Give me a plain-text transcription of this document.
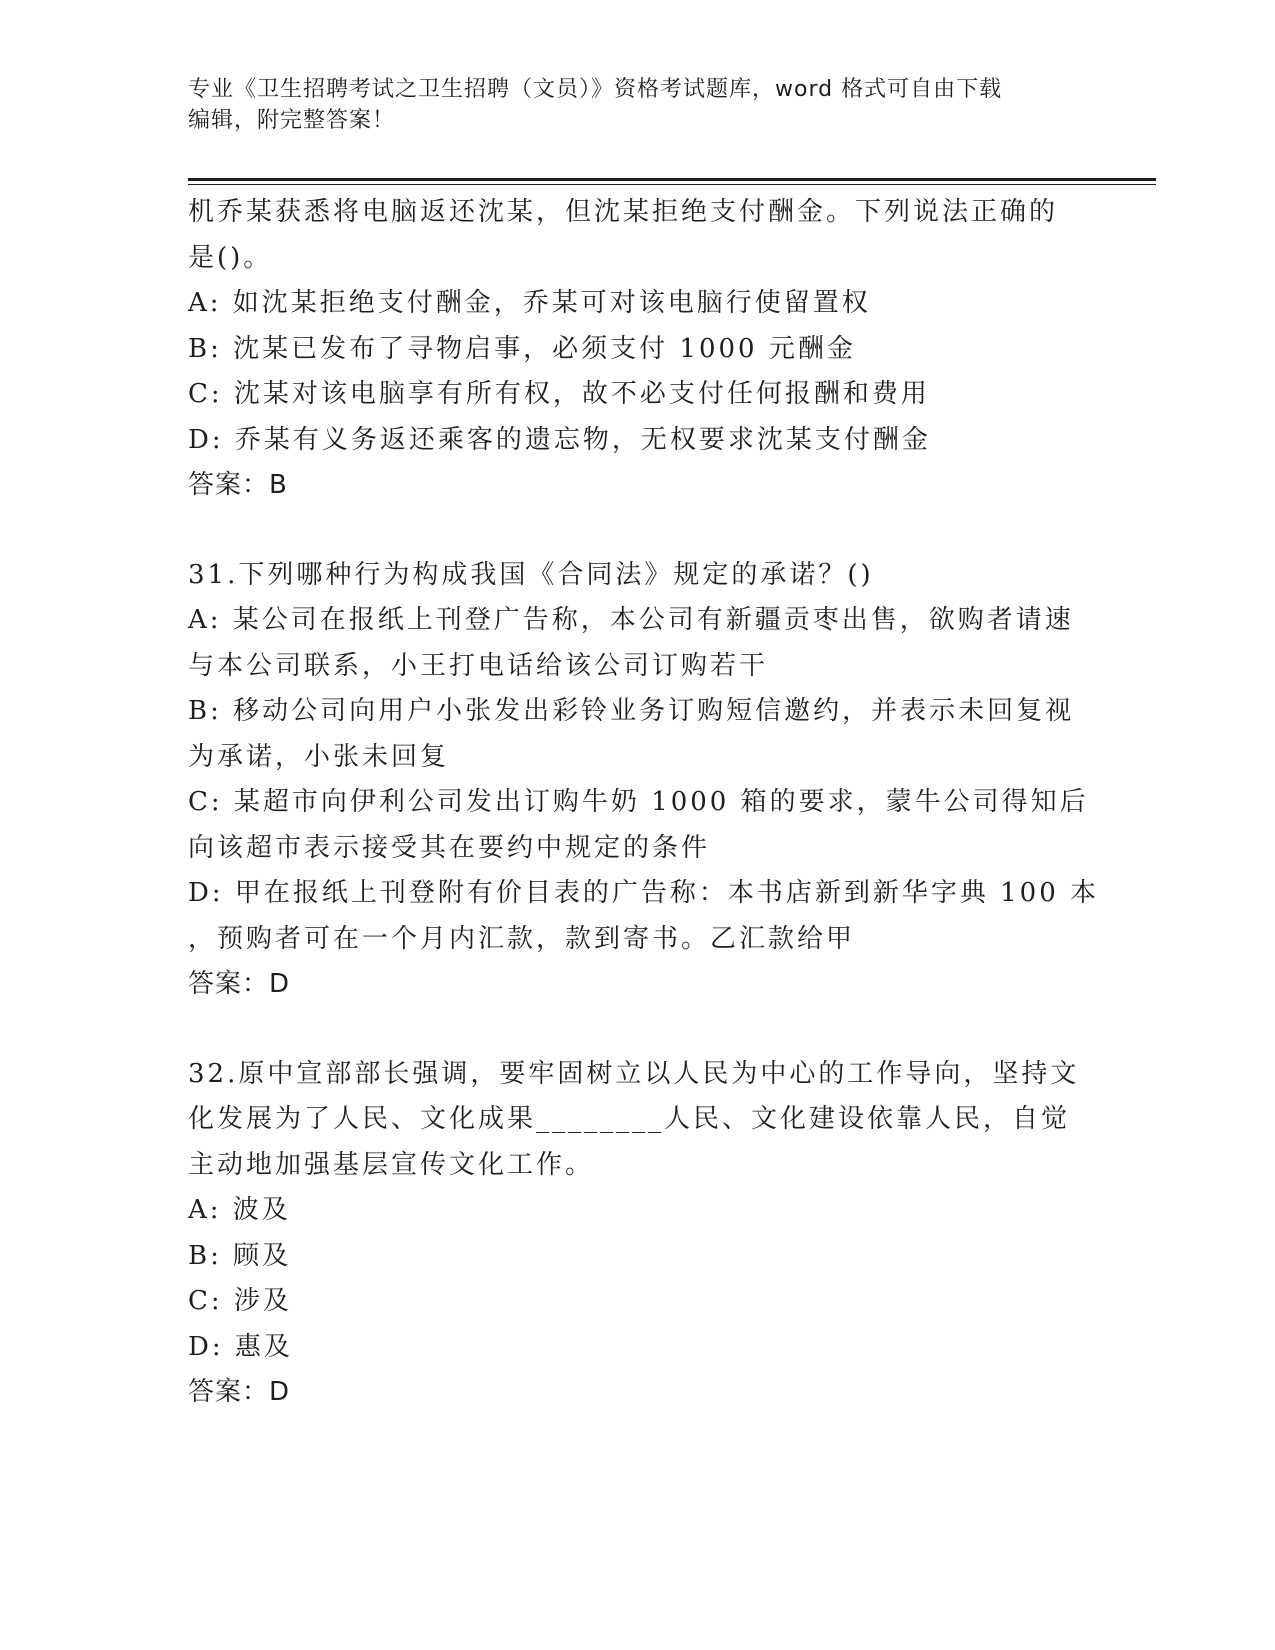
专业《卫生招聘考试之卫生招聘（文员）》资格考试题库，word 格式可自由下载
编辑，附完整答案！
机乔某获悉将电脑返还沈某，但沈某拒绝支付酬金。下列说法正确的
是()。
A: 如沈某拒绝支付酬金，乔某可对该电脑行使留置权
B: 沈某已发布了寻物启事，必须支付 1000 元酬金
C: 沈某对该电脑享有所有权，故不必支付任何报酬和费用
D: 乔某有义务返还乘客的遗忘物，无权要求沈某支付酬金
答案：B
31.下列哪种行为构成我国《合同法》规定的承诺？()
A: 某公司在报纸上刊登广告称，本公司有新疆贡枣出售，欲购者请速
与本公司联系，小王打电话给该公司订购若干
B: 移动公司向用户小张发出彩铃业务订购短信邀约，并表示未回复视
为承诺，小张未回复
C: 某超市向伊利公司发出订购牛奶 1000 箱的要求，蒙牛公司得知后
向该超市表示接受其在要约中规定的条件
D: 甲在报纸上刊登附有价目表的广告称：本书店新到新华字典 100 本
，预购者可在一个月内汇款，款到寄书。乙汇款给甲
答案：D
32.原中宣部部长强调，要牢固树立以人民为中心的工作导向，坚持文
化发展为了人民、文化成果________人民、文化建设依靠人民，自觉
主动地加强基层宣传文化工作。
A: 波及
B: 顾及
C: 涉及
D: 惠及
答案：D
